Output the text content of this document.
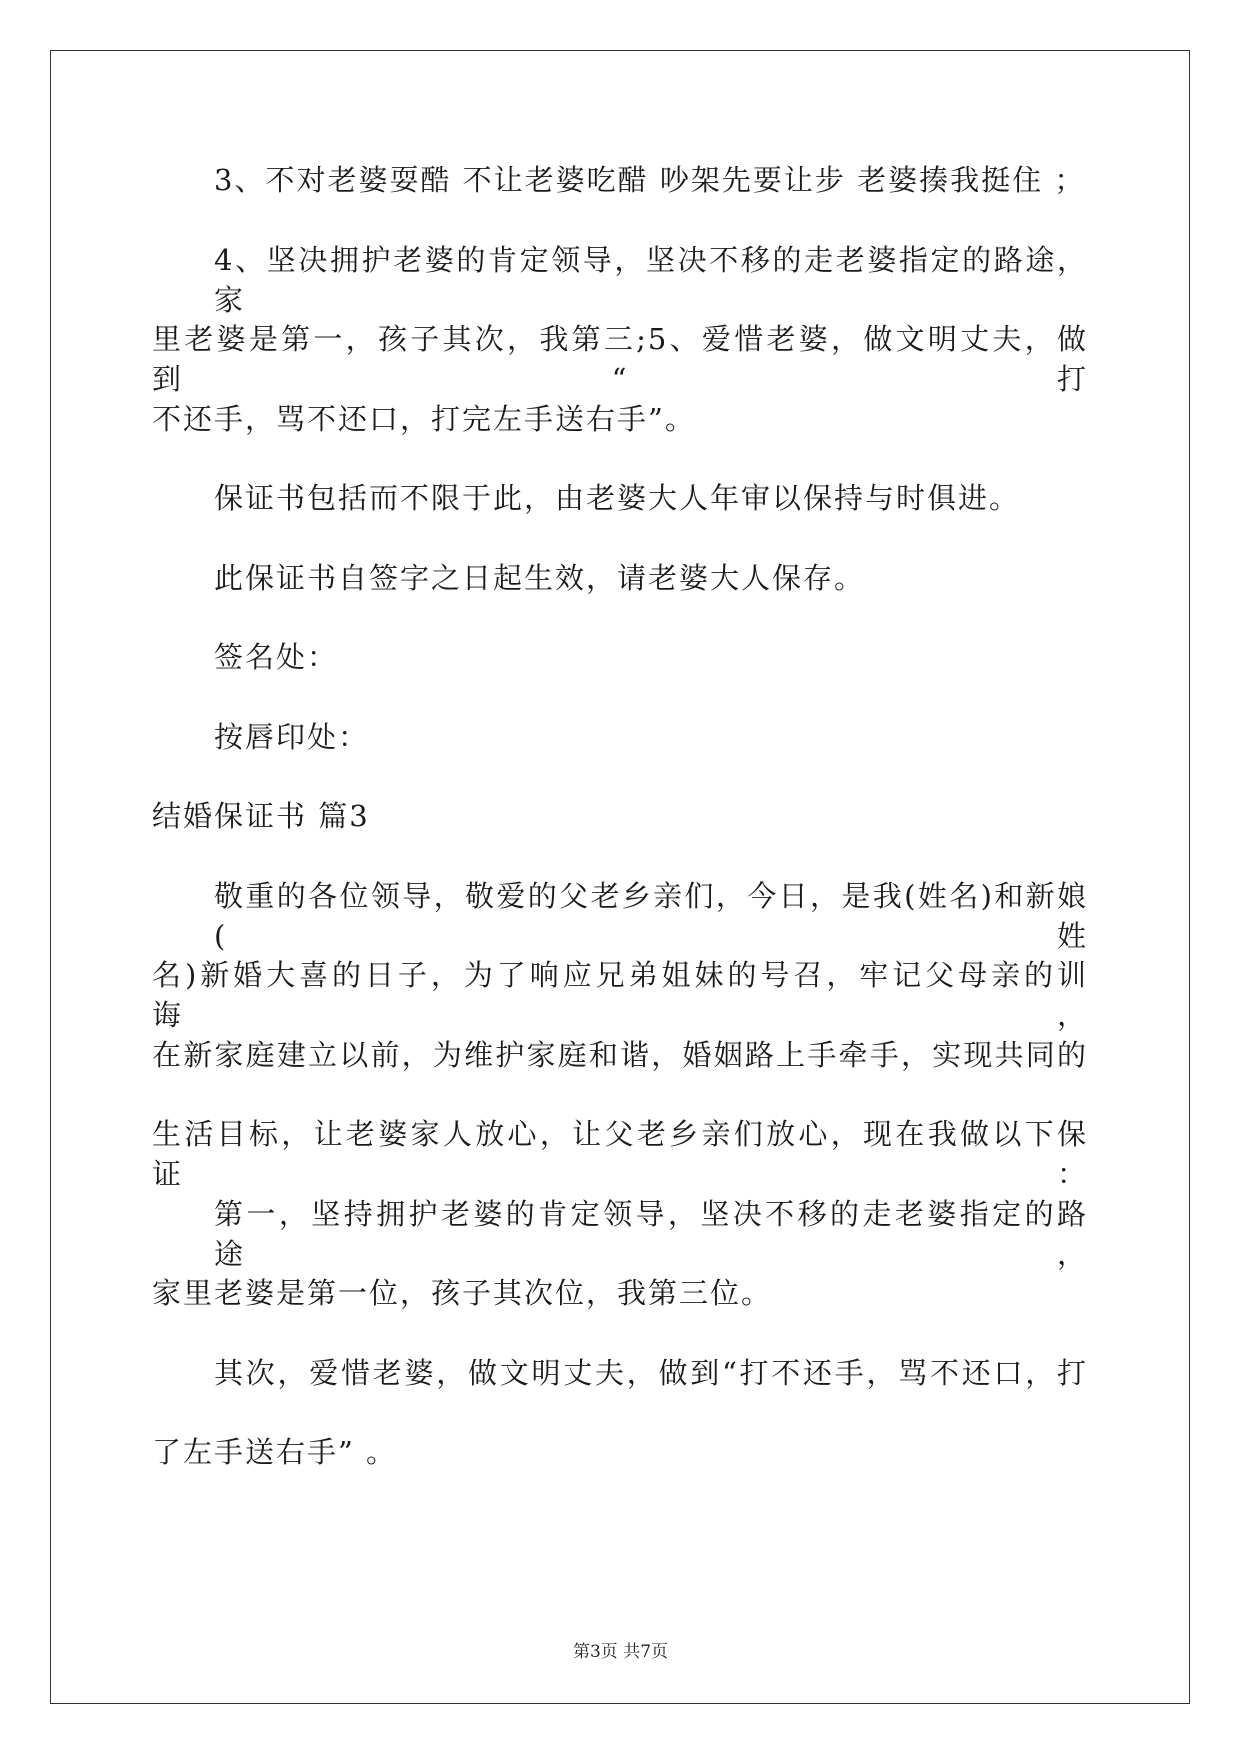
3、不对老婆耍酷 不让老婆吃醋 吵架先要让步 老婆揍我挺住 ；
4、坚决拥护老婆的肯定领导，坚决不移的走老婆指定的路途，家
里老婆是第一，孩子其次，我第三;5、爱惜老婆，做文明丈夫，做到“打
不还手，骂不还口，打完左手送右手”。
保证书包括而不限于此，由老婆大人年审以保持与时俱进。
此保证书自签字之日起生效，请老婆大人保存。
签名处：
按唇印处：
结婚保证书 篇3
敬重的各位领导，敬爱的父老乡亲们，今日，是我(姓名)和新娘(姓
名)新婚大喜的日子，为了响应兄弟姐妹的号召，牢记父母亲的训诲，
在新家庭建立以前，为维护家庭和谐，婚姻路上手牵手，实现共同的
生活目标，让老婆家人放心，让父老乡亲们放心，现在我做以下保证：
第一，坚持拥护老婆的肯定领导，坚决不移的走老婆指定的路途，
家里老婆是第一位，孩子其次位，我第三位。
其次，爱惜老婆，做文明丈夫，做到“打不还手，骂不还口，打
了左手送右手” 。
第3页 共7页
